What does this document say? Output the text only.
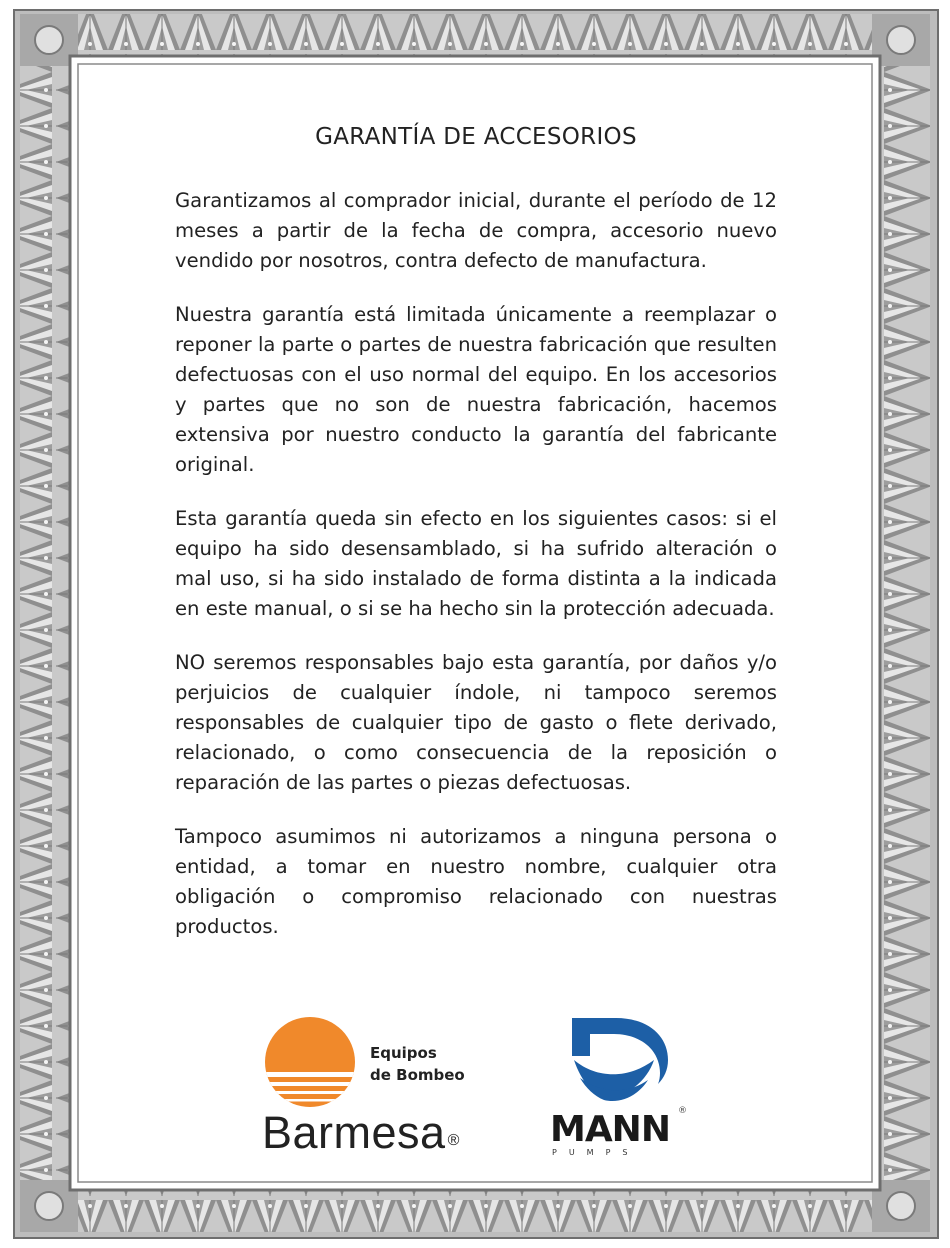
GARANTÍA DE ACCESORIOS

Garantizamos al comprador inicial, durante el período de 12 meses a partir de la fecha de compra, accesorio nuevo vendido por nosotros, contra defecto de manufactura.

Nuestra garantía está limitada únicamente a reemplazar o reponer la parte o partes de nuestra fabricación que resulten defectuosas con el uso normal del equipo. En los accesorios y partes que no son de nuestra fabricación, hacemos extensiva por nuestro conducto la garantía del fabricante original.

Esta garantía queda sin efecto en los siguientes casos: si el equipo ha sido desensamblado, si ha sufrido alteración o mal uso, si ha sido instalado de forma distinta a la indicada en este manual, o si se ha hecho sin la protección adecuada.

NO seremos responsables bajo esta garantía, por daños y/o perjuicios de cualquier índole, ni tampoco seremos responsables de cualquier tipo de gasto o flete derivado, relacionado, o como consecuencia de la reposición o reparación de las partes o piezas defectuosas.

Tampoco asumimos ni autorizamos a ninguna persona o entidad, a tomar en nuestro nombre, cualquier otra obligación o compromiso relacionado con nuestras productos.

Equipos
de Bombeo
Barmesa ®	MANN ®
PUMPS
